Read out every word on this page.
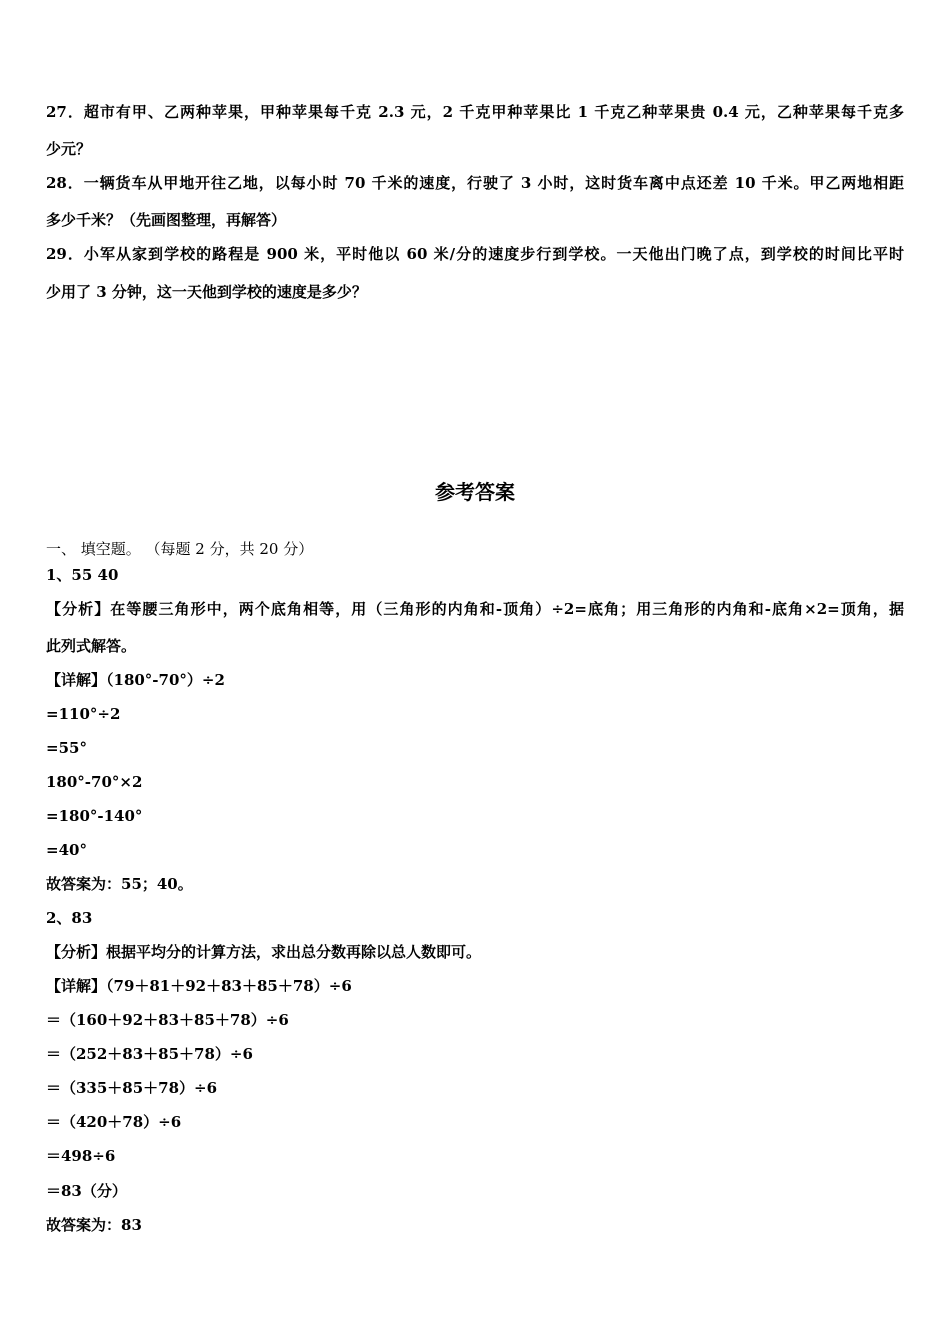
27．超市有甲、乙两种苹果，甲种苹果每千克 2.3 元，2 千克甲种苹果比 1 千克乙种苹果贵 0.4 元，乙种苹果每千克多
少元？
28．一辆货车从甲地开往乙地，以每小时 70 千米的速度，行驶了 3 小时，这时货车离中点还差 10 千米。甲乙两地相距
多少千米？（先画图整理，再解答）
29．小军从家到学校的路程是 900 米，平时他以 60 米/分的速度步行到学校。一天他出门晚了点，到学校的时间比平时
少用了 3 分钟，这一天他到学校的速度是多少？
参考答案
一、 填空题。 （每题 2 分，共 20 分）
1、55 40
【分析】在等腰三角形中，两个底角相等，用（三角形的内角和-顶角）÷2=底角；用三角形的内角和-底角×2=顶角，据
此列式解答。
【详解】（180°-70°）÷2
=110°÷2
=55°
180°-70°×2
=180°-140°
=40°
故答案为：55；40。
2、83
【分析】根据平均分的计算方法，求出总分数再除以总人数即可。
【详解】（79＋81＋92＋83＋85＋78）÷6
＝（160＋92＋83＋85＋78）÷6
＝（252＋83＋85＋78）÷6
＝（335＋85＋78）÷6
＝（420＋78）÷6
＝498÷6
＝83（分）
故答案为：83
